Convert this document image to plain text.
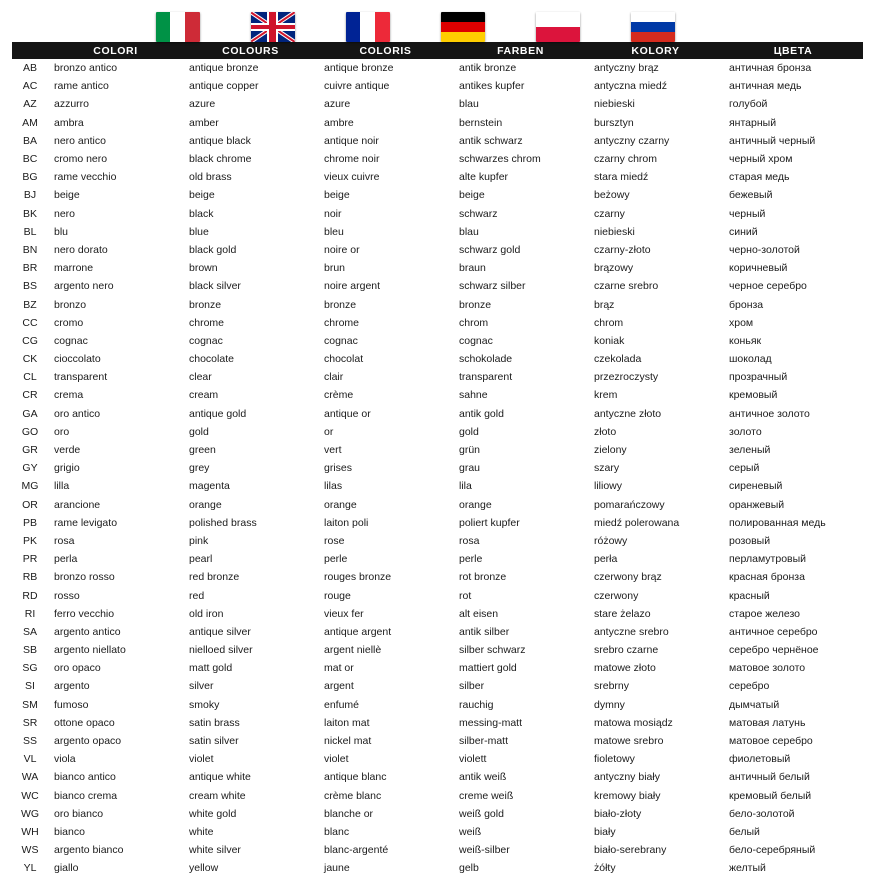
	COLORI	COLOURS	COLORIS	FARBEN	KOLORY	ЦВЕТА
AB	bronzo antico	antique bronze	antique bronze	antik bronze	antyczny brąz	античная бронза
AC	rame antico	antique copper	cuivre antique	antikes kupfer	antyczna miedź	античная медь
AZ	azzurro	azure	azure	blau	niebieski	голубой
AM	ambra	amber	ambre	bernstein	bursztyn	янтарный
BA	nero antico	antique black	antique noir	antik schwarz	antyczny czarny	античный черный
BC	cromo nero	black chrome	chrome noir	schwarzes chrom	czarny chrom	черный хром
BG	rame vecchio	old brass	vieux cuivre	alte kupfer	stara miedź	старая медь
BJ	beige	beige	beige	beige	beżowy	бежевый
BK	nero	black	noir	schwarz	czarny	черный
BL	blu	blue	bleu	blau	niebieski	синий
BN	nero dorato	black gold	noire or	schwarz gold	czarny-złoto	черно-золотой
BR	marrone	brown	brun	braun	brązowy	коричневый
BS	argento nero	black silver	noire argent	schwarz silber	czarne srebro	черное серебро
BZ	bronzo	bronze	bronze	bronze	brąz	бронза
CC	cromo	chrome	chrome	chrom	chrom	хром
CG	cognac	cognac	cognac	cognac	koniak	коньяк
CK	cioccolato	chocolate	chocolat	schokolade	czekolada	шоколад
CL	transparent	clear	clair	transparent	przezroczysty	прозрачный
CR	crema	cream	crème	sahne	krem	кремовый
GA	oro antico	antique gold	antique or	antik gold	antyczne złoto	античное золото
GO	oro	gold	or	gold	złoto	золото
GR	verde	green	vert	grün	zielony	зеленый
GY	grigio	grey	grises	grau	szary	серый
MG	lilla	magenta	lilas	lila	liliowy	сиреневый
OR	arancione	orange	orange	orange	pomarańczowy	оранжевый
PB	rame levigato	polished brass	laiton poli	poliert kupfer	miedź polerowana	полированная медь
PK	rosa	pink	rose	rosa	różowy	розовый
PR	perla	pearl	perle	perle	perła	перламутровый
RB	bronzo rosso	red bronze	rouges bronze	rot bronze	czerwony brąz	красная бронза
RD	rosso	red	rouge	rot	czerwony	красный
RI	ferro vecchio	old iron	vieux fer	alt eisen	stare żelazo	старое железо
SA	argento antico	antique silver	antique argent	antik silber	antyczne srebro	античное серебро
SB	argento niellato	nielloed silver	argent niellè	silber schwarz	srebro czarne	серебро чернёное
SG	oro opaco	matt gold	mat or	mattiert gold	matowe złoto	матовое золото
SI	argento	silver	argent	silber	srebrny	серебро
SM	fumoso	smoky	enfumé	rauchig	dymny	дымчатый
SR	ottone opaco	satin brass	laiton mat	messing-matt	matowa mosiądz	матовая латунь
SS	argento opaco	satin silver	nickel mat	silber-matt	matowe srebro	матовое серебро
VL	viola	violet	violet	violett	fioletowy	фиолетовый
WA	bianco antico	antique white	antique blanc	antik weiß	antyczny biały	античный белый
WC	bianco crema	cream white	crème blanc	creme weiß	kremowy biały	кремовый белый
WG	oro bianco	white gold	blanche or	weiß gold	biało-złoty	бело-золотой
WH	bianco	white	blanc	weiß	biały	белый
WS	argento bianco	white silver	blanc-argenté	weiß-silber	biało-serebrany	бело-серебряный
YL	giallo	yellow	jaune	gelb	żółty	желтый
